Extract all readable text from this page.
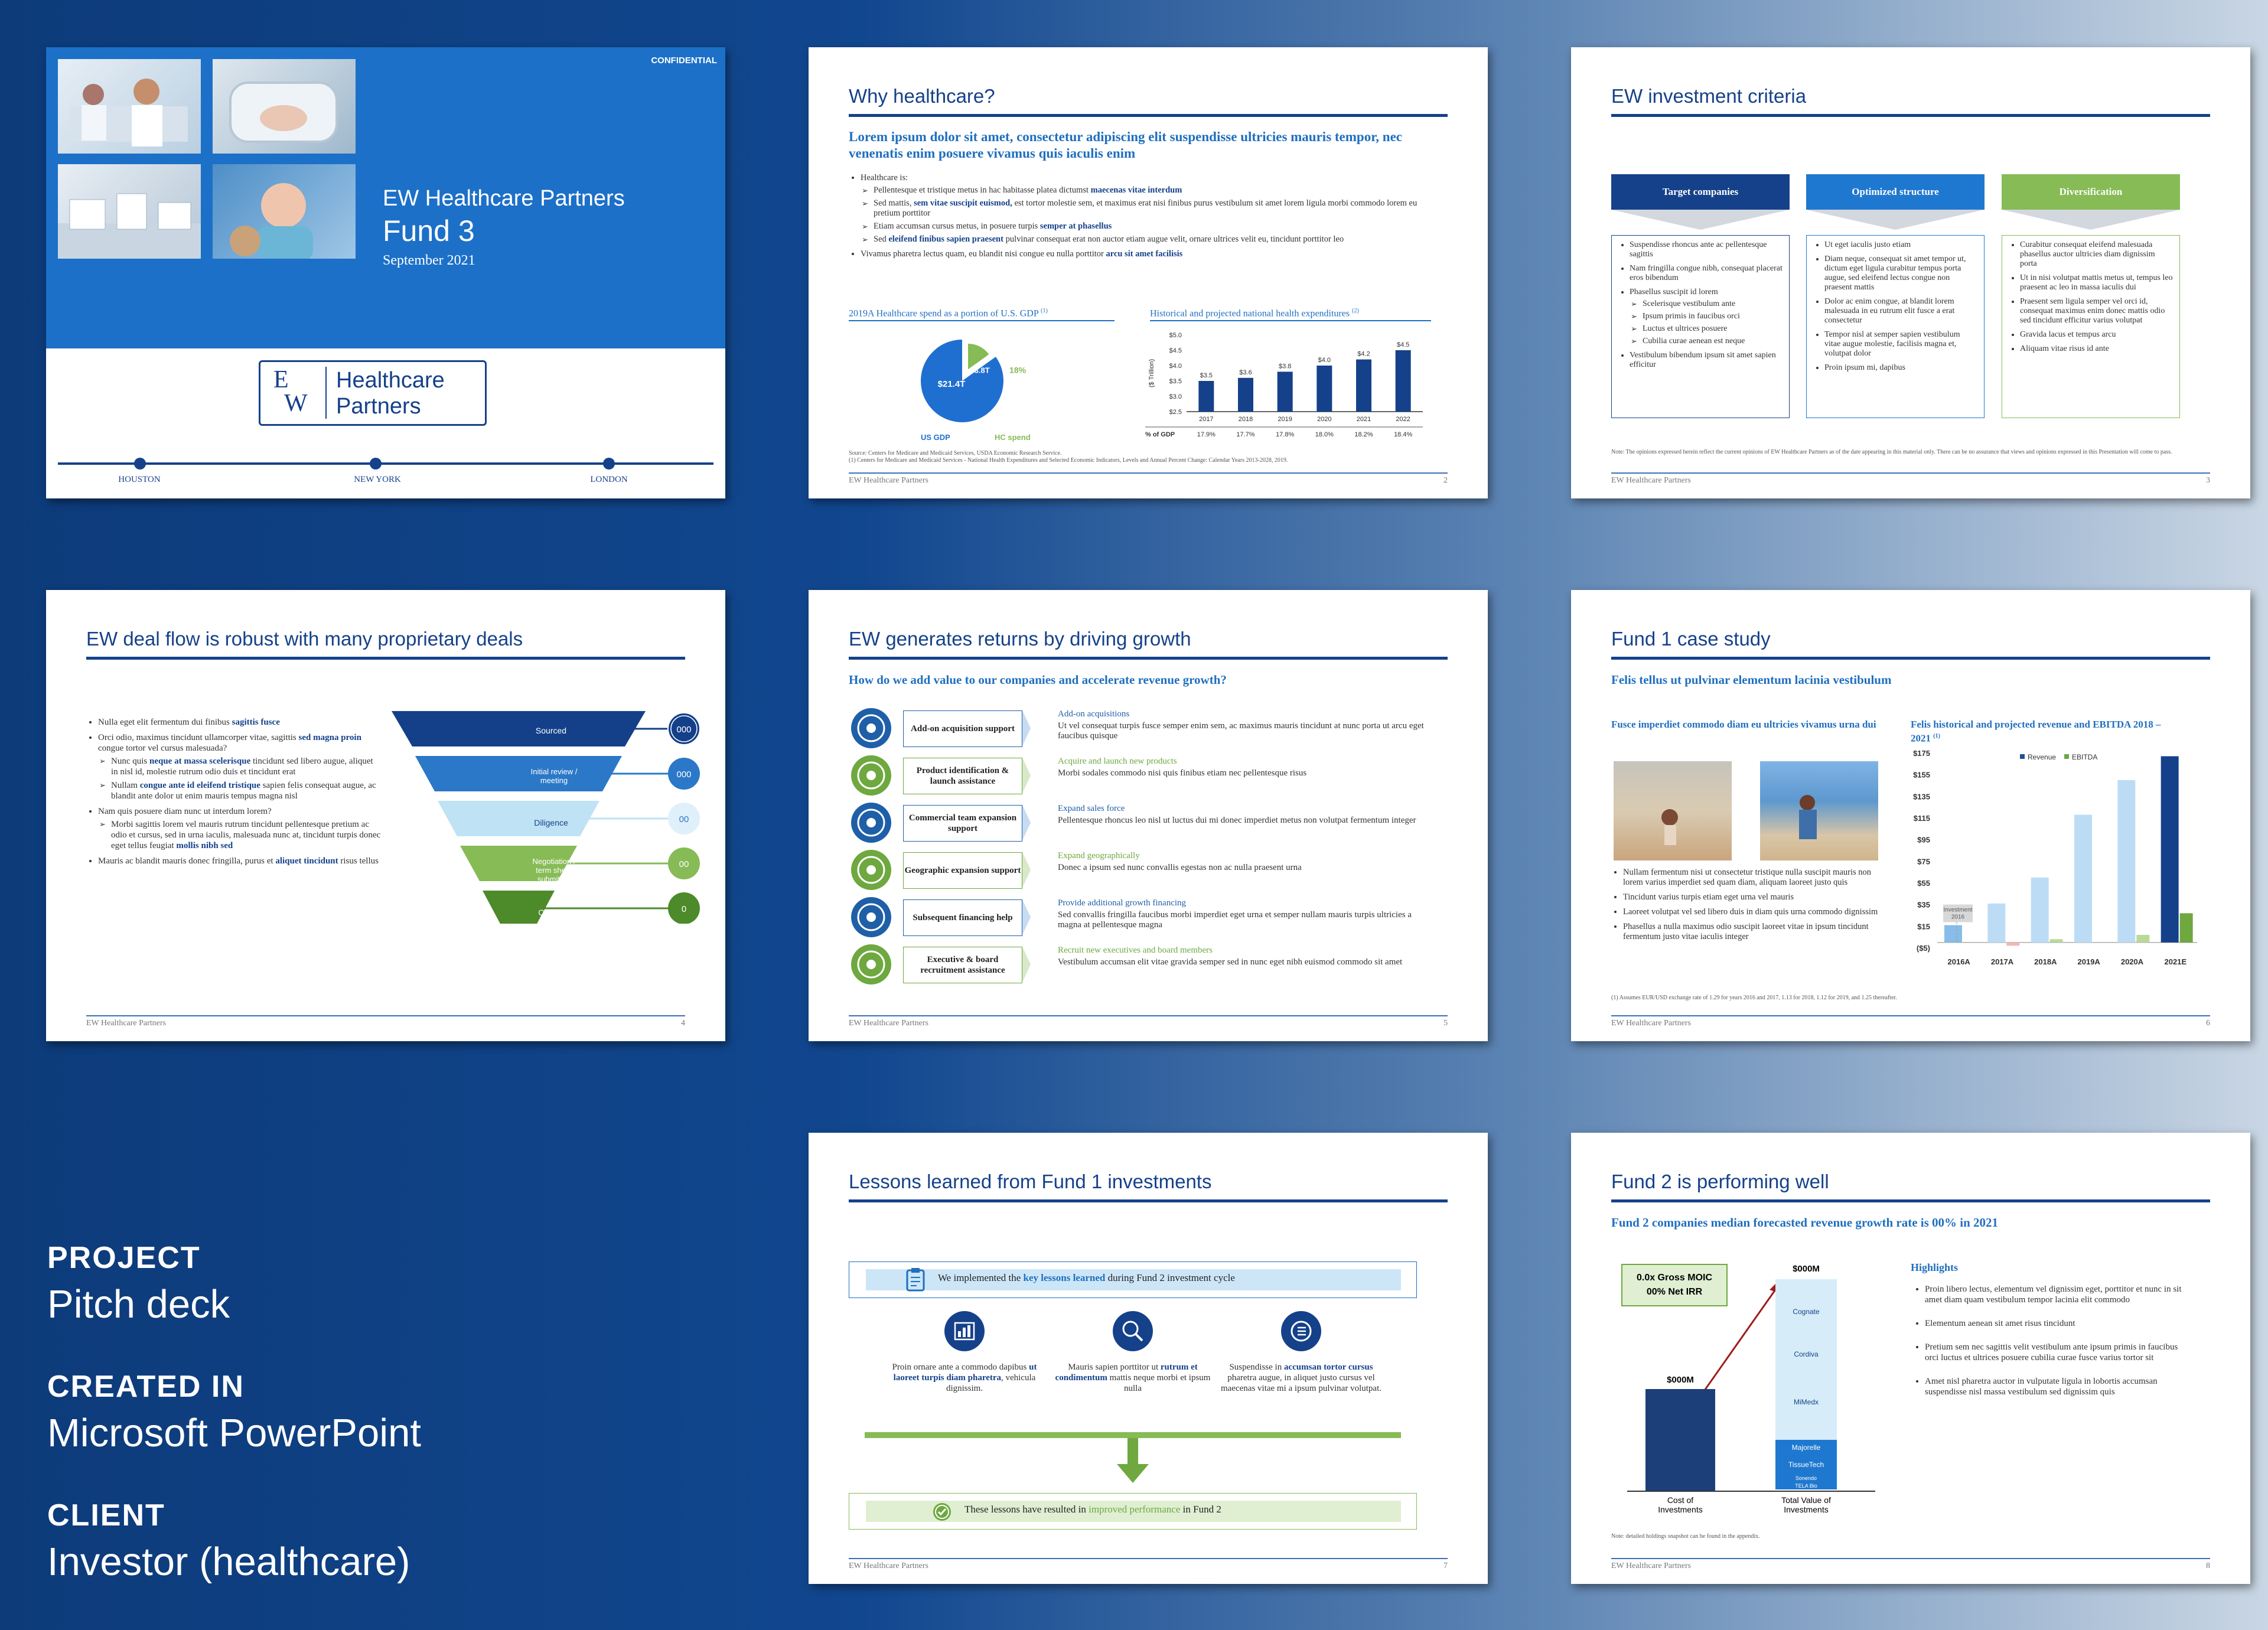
PROJECT
Pitch deck
CREATED IN
Microsoft PowerPoint
CLIENT
Investor (healthcare)
CONFIDENTIAL
EW Healthcare Partners
Fund 3
September 2021
E
W
Healthcare
Partners
HOUSTON	NEW YORK	LONDON
Why healthcare?
Lorem ipsum dolor sit amet, consectetur adipiscing elit suspendisse ultricies mauris tempor, nec venenatis enim posuere vivamus quis iaculis enim
• Healthcare is:
➢ Pellentesque et tristique metus in hac habitasse platea dictumst maecenas vitae interdum
➢ Sed mattis, sem vitae suscipit euismod, est tortor molestie sem, et maximus erat nisi finibus purus vestibulum sit amet lorem ligula morbi commodo lorem eu pretium porttitor
➢ Etiam accumsan cursus metus, in posuere turpis semper at phasellus
➢ Sed eleifend finibus sapien praesent pulvinar consequat erat non auctor etiam augue velit, ornare ultrices velit eu, tincidunt porttitor leo
• Vivamus pharetra lectus quam, eu blandit nisi congue eu nulla porttitor arcu sit amet facilisis
2019A Healthcare spend as a portion of U.S. GDP $^{(1)}$
$21.4T
$3.8T 18%
US GDP	HC spend
Historical and projected national health expenditures $^{(2)}$
$5.0
$4.5
$4.0
$3.5
$3.0
$2.5
($ Trillion)	$3.5
2017
17.9%
$3.6
2018
17.7%
$3.8
2019
17.8%
$4.0
2020
18.0%
$4.2
2021
18.2%
$4.5
2022
18.4%
% of GDP
Source: Centers for Medicare and Medicaid Services, USDA Economic Research Service.
(1) Centers for Medicare and Medicaid Services - National Health Expenditures and Selected Economic Indicators, Levels and Annual Percent Change: Calendar Years 2013-2028, 2019.
EW Healthcare Partners	2
EW investment criteria
Target companies	Optimized structure	Diversification
• Suspendisse rhoncus ante ac pellentesque sagittis
• Nam fringilla congue nibh, consequat placerat eros bibendum
• Phasellus suscipit id lorem
➢ Scelerisque vestibulum ante
➢ Ipsum primis in faucibus orci
➢ Luctus et ultrices posuere
➢ Cubilia curae aenean est neque
• Vestibulum bibendum ipsum sit amet sapien efficitur
• Ut eget iaculis justo etiam
• Diam neque, consequat sit amet tempor ut, dictum eget ligula curabitur tempus porta augue, sed eleifend lectus congue non praesent mattis
• Dolor ac enim congue, at blandit lorem malesuada in eu rutrum elit fusce a erat consectetur
• Tempor nisl at semper sapien vestibulum vitae augue molestie, facilisis magna et, volutpat dolor
• Proin ipsum mi, dapibus
• Curabitur consequat eleifend malesuada phasellus auctor ultricies diam dignissim porta
• Ut in nisi volutpat mattis metus ut, tempus leo praesent ac leo in massa iaculis dui
• Praesent sem ligula semper vel orci id, consequat maximus enim donec mattis odio sed tincidunt efficitur varius volutpat
• Gravida lacus et tempus arcu
• Aliquam vitae risus id ante
Note: The opinions expressed herein reflect the current opinions of EW Healthcare Partners as of the date appearing in this material only. There can be no assurance that views and opinions expressed in this Presentation will come to pass.
EW Healthcare Partners	3
EW deal flow is robust with many proprietary deals
• Nulla eget elit fermentum dui finibus sagittis fusce
• Orci odio, maximus tincidunt ullamcorper vitae, sagittis sed magna proin congue tortor vel cursus malesuada?
➢ Nunc quis neque at massa scelerisque tincidunt sed libero augue, aliquet in nisl id, molestie rutrum odio duis et tincidunt erat
➢ Nullam congue ante id eleifend tristique sapien felis consequat augue, ac blandit ante dolor ut enim mauris tempus magna nisl
• Nam quis posuere diam nunc ut interdum lorem?
➢ Morbi sagittis lorem vel mauris rutrum tincidunt pellentesque pretium ac odio et cursus, sed in urna iaculis, malesuada nunc at, tincidunt turpis donec eget tellus feugiat mollis nibh sed
• Mauris ac blandit mauris donec fringilla, purus et aliquet tincidunt risus tellus
Sourced
Initial review / meeting
Diligence
Negotiation / term sheet submitted
Closed
000
000
00
00
0
EW Healthcare Partners	4
EW generates returns by driving growth
How do we add value to our companies and accelerate revenue growth?
Add-on acquisition support
Add-on acquisitions
Ut vel consequat turpis fusce semper enim sem, ac maximus mauris tincidunt at nunc porta ut arcu eget faucibus quisque
Product identification & launch assistance
Acquire and launch new products
Morbi sodales commodo nisi quis finibus etiam nec pellentesque risus
Commercial team expansion support
Expand sales force
Pellentesque rhoncus leo nisl ut luctus dui mi donec imperdiet metus non volutpat fermentum integer
Geographic expansion support
Expand geographically
Donec a ipsum sed nunc convallis egestas non ac nulla praesent urna
Subsequent financing help
Provide additional growth financing
Sed convallis fringilla faucibus morbi imperdiet eget urna et semper nullam mauris turpis ultricies a magna at pellentesque magna
Executive & board recruitment assistance
Recruit new executives and board members
Vestibulum accumsan elit vitae gravida semper sed in nunc eget nibh euismod commodo sit amet
EW Healthcare Partners	5
Fund 1 case study
Felis tellus ut pulvinar elementum lacinia vestibulum
Fusce imperdiet commodo diam eu ultricies vivamus urna dui
• Nullam fermentum nisi ut consectetur tristique nulla suscipit mauris non lorem varius imperdiet sed quam diam, aliquam laoreet justo quis
• Tincidunt varius turpis etiam eget urna vel mauris
• Laoreet volutpat vel sed libero duis in diam quis urna commodo dignissim
• Phasellus a nulla maximus odio suscipit laoreet vitae in ipsum tincidunt fermentum justo vitae iaculis integer
Felis historical and projected revenue and EBITDA 2018 – 2021 $^{(1)}$
$175
$155
$135
$115
$95
$75
$55
$35
$15
($5)
2016A	2017A	2018A	2019A	2020A	2021E
Revenue EBITDA
Investment 2016
(1) Assumes EUR/USD exchange rate of 1.29 for years 2016 and 2017, 1.13 for 2018, 1.12 for 2019, and 1.25 thereafter.
EW Healthcare Partners	6
Lessons learned from Fund 1 investments
We implemented the key lessons learned during Fund 2 investment cycle
Proin ornare ante a commodo dapibus ut laoreet turpis diam pharetra, vehicula dignissim.
Mauris sapien porttitor ut rutrum et condimentum mattis neque morbi et ipsum nulla
Suspendisse in accumsan tortor cursus pharetra augue, in aliquet justo cursus vel maecenas vitae mi a ipsum pulvinar volutpat.
These lessons have resulted in improved performance in Fund 2
EW Healthcare Partners	7
Fund 2 is performing well
Fund 2 companies median forecasted revenue growth rate is 00% in 2021
0.0x Gross MOIC
00% Net IRR
$000M
$000M
Cognate
Cordiva
MiMedx
Majorelle
TissueTech
Sonendo
TELA Bio
Cost of Investments
Total Value of Investments
Highlights
• Proin libero lectus, elementum vel dignissim eget, porttitor et nunc in sit amet diam quam vestibulum tempor lacinia elit commodo
• Elementum aenean sit amet risus tincidunt
• Pretium sem nec sagittis velit vestibulum ante ipsum primis in faucibus orci luctus et ultrices posuere cubilia curae fusce varius tortor sit
• Amet nisl pharetra auctor in vulputate ligula in lobortis accumsan suspendisse nisl massa vestibulum sed dignissim quis
Note: detailed holdings snapshot can be found in the appendix.
EW Healthcare Partners	8
